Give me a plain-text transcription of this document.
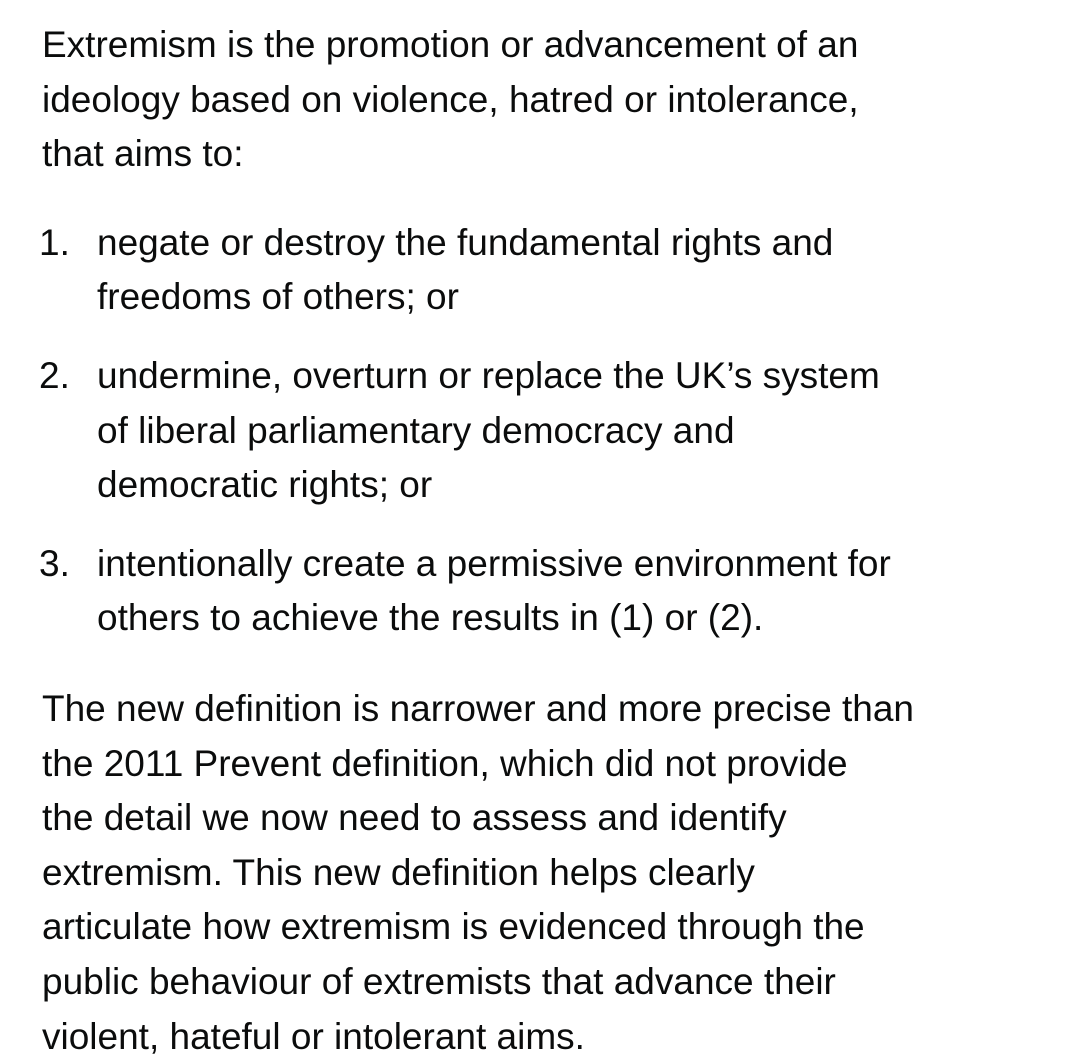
Extremism is the promotion or advancement of an
ideology based on violence, hatred or intolerance,
that aims to:

1. negate or destroy the fundamental rights and
freedoms of others; or
2. undermine, overturn or replace the UK’s system
of liberal parliamentary democracy and
democratic rights; or
3. intentionally create a permissive environment for
others to achieve the results in (1) or (2).

The new definition is narrower and more precise than
the 2011 Prevent definition, which did not provide
the detail we now need to assess and identify
extremism. This new definition helps clearly
articulate how extremism is evidenced through the
public behaviour of extremists that advance their
violent, hateful or intolerant aims.
